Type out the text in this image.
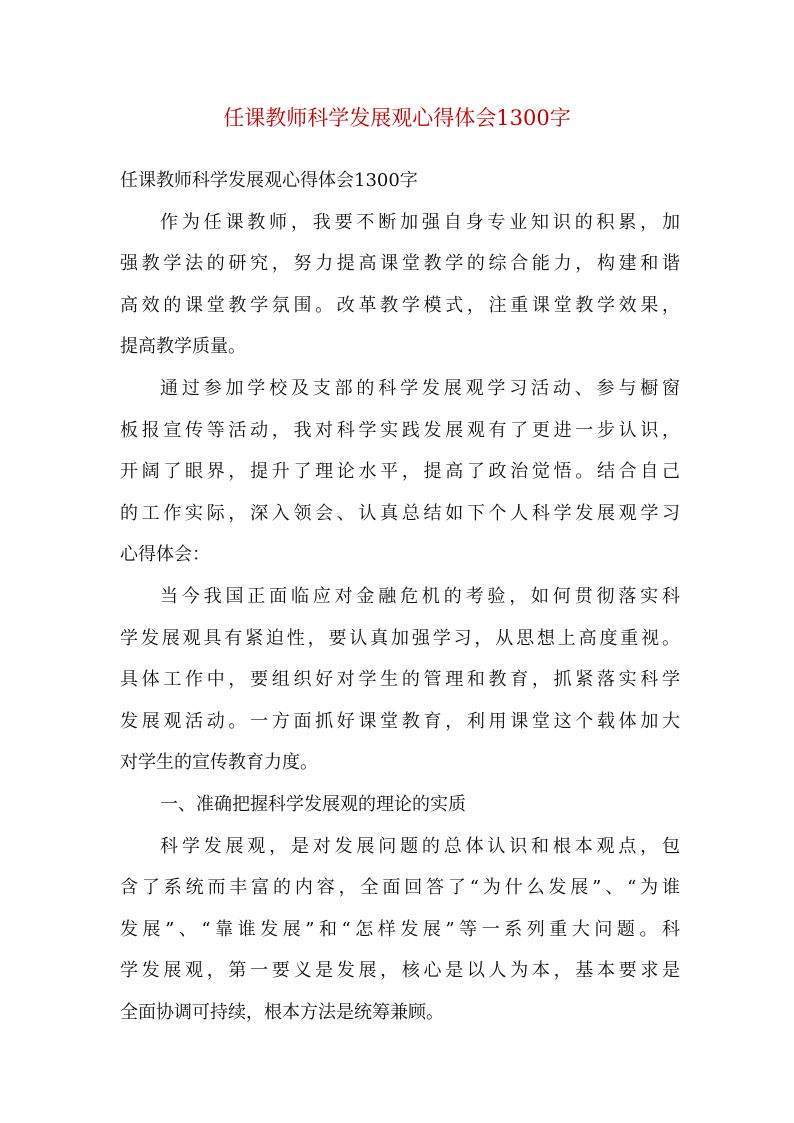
任课教师科学发展观心得体会1300字
任课教师科学发展观心得体会1300字
作为任课教师，我要不断加强自身专业知识的积累，加
强教学法的研究，努力提高课堂教学的综合能力，构建和谐
高效的课堂教学氛围。改革教学模式，注重课堂教学效果，
提高教学质量。
通过参加学校及支部的科学发展观学习活动、参与橱窗
板报宣传等活动，我对科学实践发展观有了更进一步认识，
开阔了眼界，提升了理论水平，提高了政治觉悟。结合自己
的工作实际，深入领会、认真总结如下个人科学发展观学习
心得体会：
当今我国正面临应对金融危机的考验，如何贯彻落实科
学发展观具有紧迫性，要认真加强学习，从思想上高度重视。
具体工作中，要组织好对学生的管理和教育，抓紧落实科学
发展观活动。一方面抓好课堂教育，利用课堂这个载体加大
对学生的宣传教育力度。
一、准确把握科学发展观的理论的实质
科学发展观，是对发展问题的总体认识和根本观点，包
含了系统而丰富的内容，全面回答了“为什么发展”、“为谁
发展”、“靠谁发展”和“怎样发展”等一系列重大问题。科
学发展观，第一要义是发展，核心是以人为本，基本要求是
全面协调可持续，根本方法是统筹兼顾。
